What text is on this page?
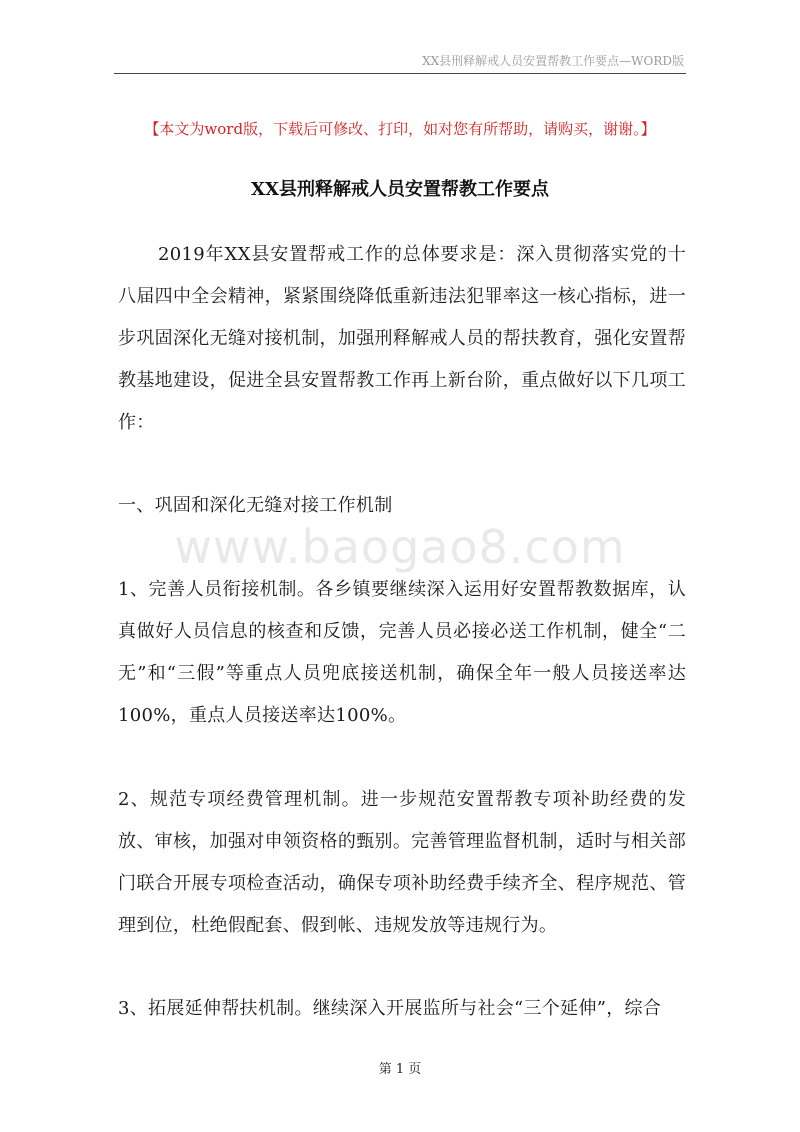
XX县刑释解戒人员安置帮教工作要点—WORD版
【本文为word版，下载后可修改、打印，如对您有所帮助，请购买，谢谢。】
XX县刑释解戒人员安置帮教工作要点

2019年XX县安置帮戒工作的总体要求是：深入贯彻落实党的十八届四中全会精神，紧紧围绕降低重新违法犯罪率这一核心指标，进一步巩固深化无缝对接机制，加强刑释解戒人员的帮扶教育，强化安置帮教基地建设，促进全县安置帮教工作再上新台阶，重点做好以下几项工作：

一、巩固和深化无缝对接工作机制

www.baogao8.com

1、完善人员衔接机制。各乡镇要继续深入运用好安置帮教数据库，认真做好人员信息的核查和反馈，完善人员必接必送工作机制，健全“二无”和“三假”等重点人员兜底接送机制，确保全年一般人员接送率达100%，重点人员接送率达100%。

2、规范专项经费管理机制。进一步规范安置帮教专项补助经费的发放、审核，加强对申领资格的甄别。完善管理监督机制，适时与相关部门联合开展专项检查活动，确保专项补助经费手续齐全、程序规范、管理到位，杜绝假配套、假到帐、违规发放等违规行为。

3、拓展延伸帮扶机制。继续深入开展监所与社会“三个延伸”，综合

第 1 页
